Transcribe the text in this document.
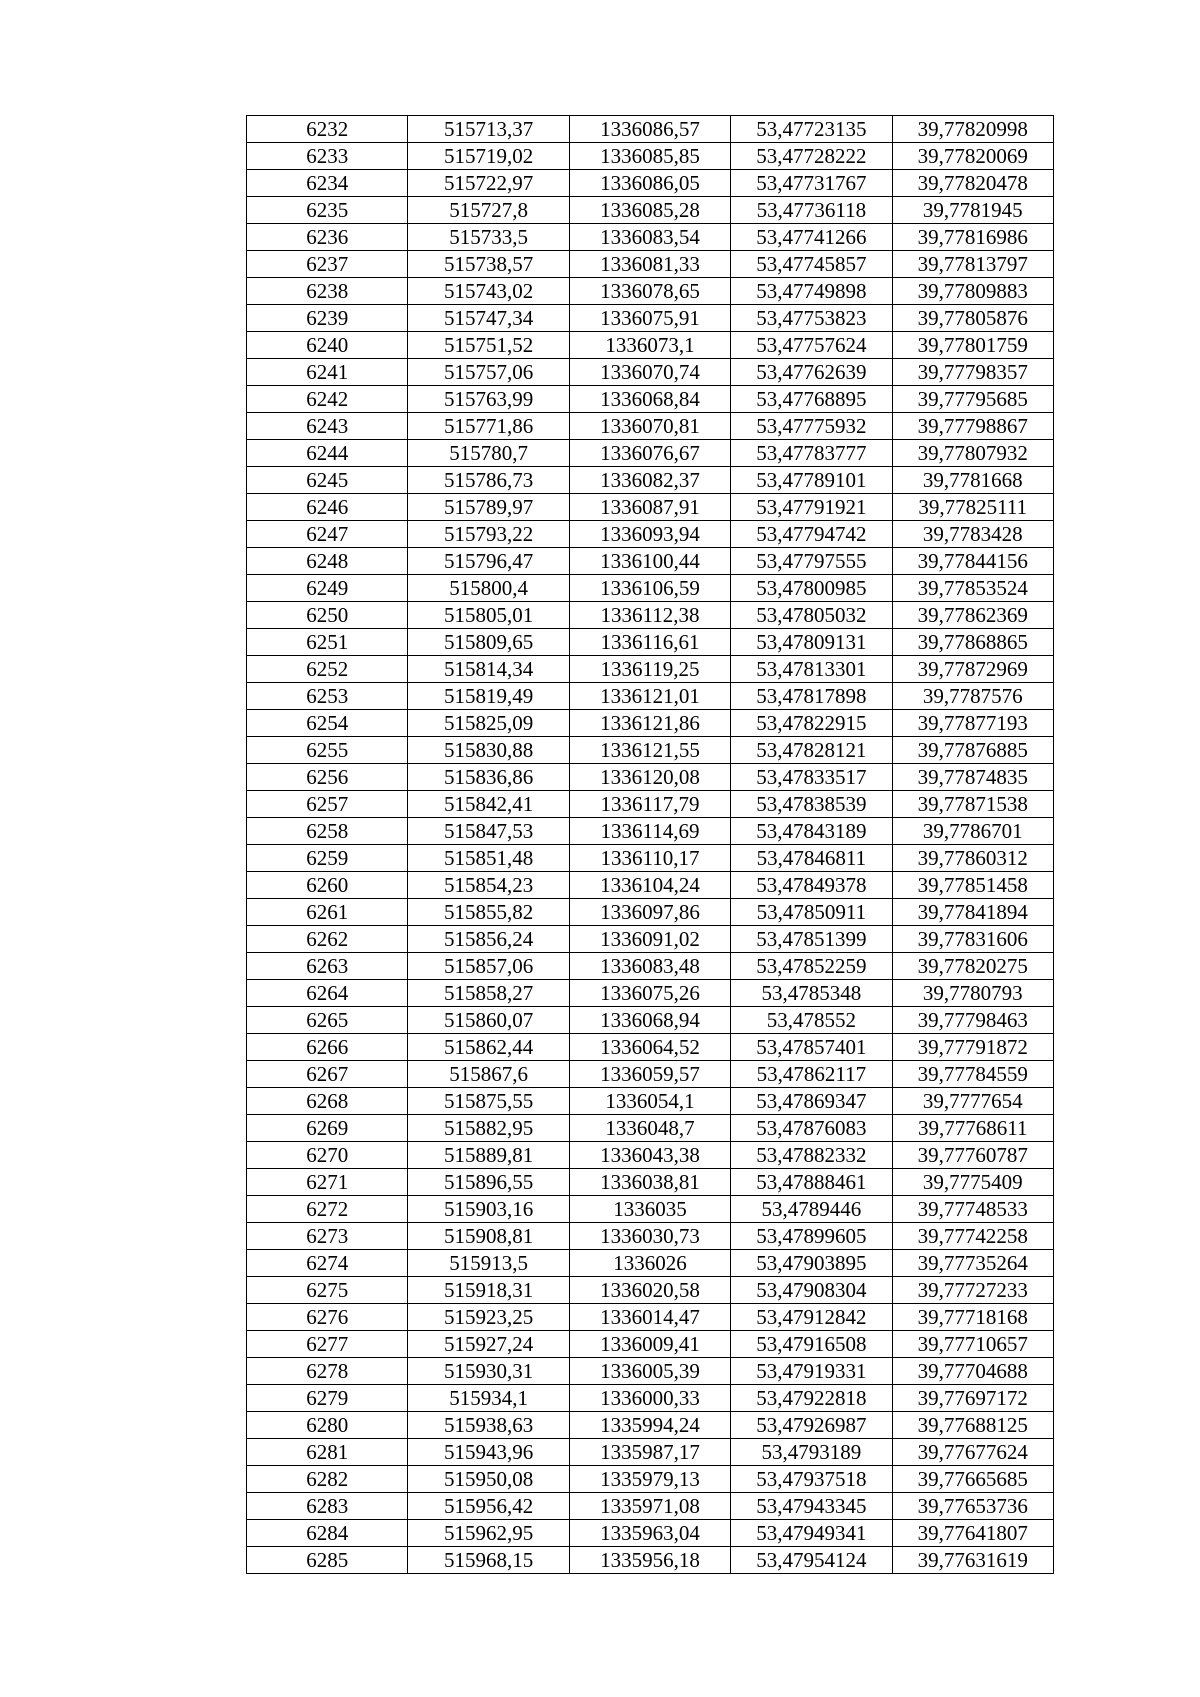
6232	515713,37	1336086,57	53,47723135	39,77820998
6233	515719,02	1336085,85	53,47728222	39,77820069
6234	515722,97	1336086,05	53,47731767	39,77820478
6235	515727,8	1336085,28	53,47736118	39,7781945
6236	515733,5	1336083,54	53,47741266	39,77816986
6237	515738,57	1336081,33	53,47745857	39,77813797
6238	515743,02	1336078,65	53,47749898	39,77809883
6239	515747,34	1336075,91	53,47753823	39,77805876
6240	515751,52	1336073,1	53,47757624	39,77801759
6241	515757,06	1336070,74	53,47762639	39,77798357
6242	515763,99	1336068,84	53,47768895	39,77795685
6243	515771,86	1336070,81	53,47775932	39,77798867
6244	515780,7	1336076,67	53,47783777	39,77807932
6245	515786,73	1336082,37	53,47789101	39,7781668
6246	515789,97	1336087,91	53,47791921	39,77825111
6247	515793,22	1336093,94	53,47794742	39,7783428
6248	515796,47	1336100,44	53,47797555	39,77844156
6249	515800,4	1336106,59	53,47800985	39,77853524
6250	515805,01	1336112,38	53,47805032	39,77862369
6251	515809,65	1336116,61	53,47809131	39,77868865
6252	515814,34	1336119,25	53,47813301	39,77872969
6253	515819,49	1336121,01	53,47817898	39,7787576
6254	515825,09	1336121,86	53,47822915	39,77877193
6255	515830,88	1336121,55	53,47828121	39,77876885
6256	515836,86	1336120,08	53,47833517	39,77874835
6257	515842,41	1336117,79	53,47838539	39,77871538
6258	515847,53	1336114,69	53,47843189	39,7786701
6259	515851,48	1336110,17	53,47846811	39,77860312
6260	515854,23	1336104,24	53,47849378	39,77851458
6261	515855,82	1336097,86	53,47850911	39,77841894
6262	515856,24	1336091,02	53,47851399	39,77831606
6263	515857,06	1336083,48	53,47852259	39,77820275
6264	515858,27	1336075,26	53,4785348	39,7780793
6265	515860,07	1336068,94	53,478552	39,77798463
6266	515862,44	1336064,52	53,47857401	39,77791872
6267	515867,6	1336059,57	53,47862117	39,77784559
6268	515875,55	1336054,1	53,47869347	39,7777654
6269	515882,95	1336048,7	53,47876083	39,77768611
6270	515889,81	1336043,38	53,47882332	39,77760787
6271	515896,55	1336038,81	53,47888461	39,7775409
6272	515903,16	1336035	53,4789446	39,77748533
6273	515908,81	1336030,73	53,47899605	39,77742258
6274	515913,5	1336026	53,47903895	39,77735264
6275	515918,31	1336020,58	53,47908304	39,77727233
6276	515923,25	1336014,47	53,47912842	39,77718168
6277	515927,24	1336009,41	53,47916508	39,77710657
6278	515930,31	1336005,39	53,47919331	39,77704688
6279	515934,1	1336000,33	53,47922818	39,77697172
6280	515938,63	1335994,24	53,47926987	39,77688125
6281	515943,96	1335987,17	53,4793189	39,77677624
6282	515950,08	1335979,13	53,47937518	39,77665685
6283	515956,42	1335971,08	53,47943345	39,77653736
6284	515962,95	1335963,04	53,47949341	39,77641807
6285	515968,15	1335956,18	53,47954124	39,77631619
